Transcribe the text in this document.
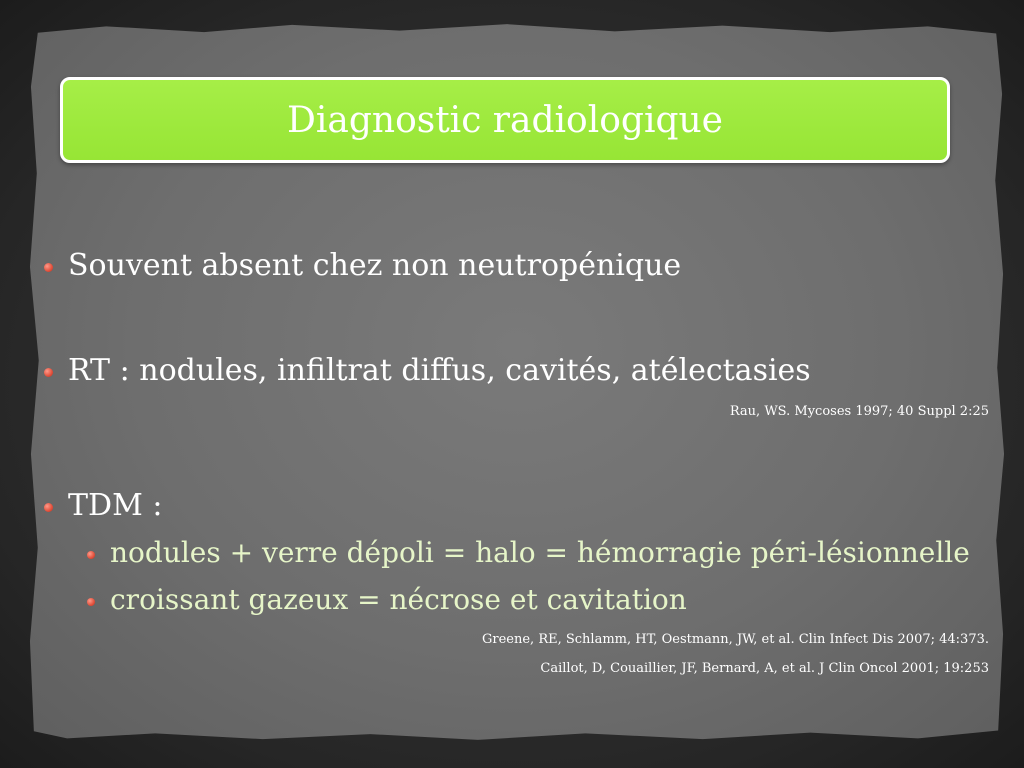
Diagnostic radiologique
Souvent absent chez non neutropénique
RT : nodules, infiltrat diffus, cavités, atélectasies
Rau, WS. Mycoses 1997; 40 Suppl 2:25
TDM :
nodules + verre dépoli = halo = hémorragie péri-lésionnelle
croissant gazeux = nécrose et cavitation
Greene, RE, Schlamm, HT, Oestmann, JW, et al. Clin Infect Dis 2007; 44:373.
Caillot, D, Couaillier, JF, Bernard, A, et al. J Clin Oncol 2001; 19:253
